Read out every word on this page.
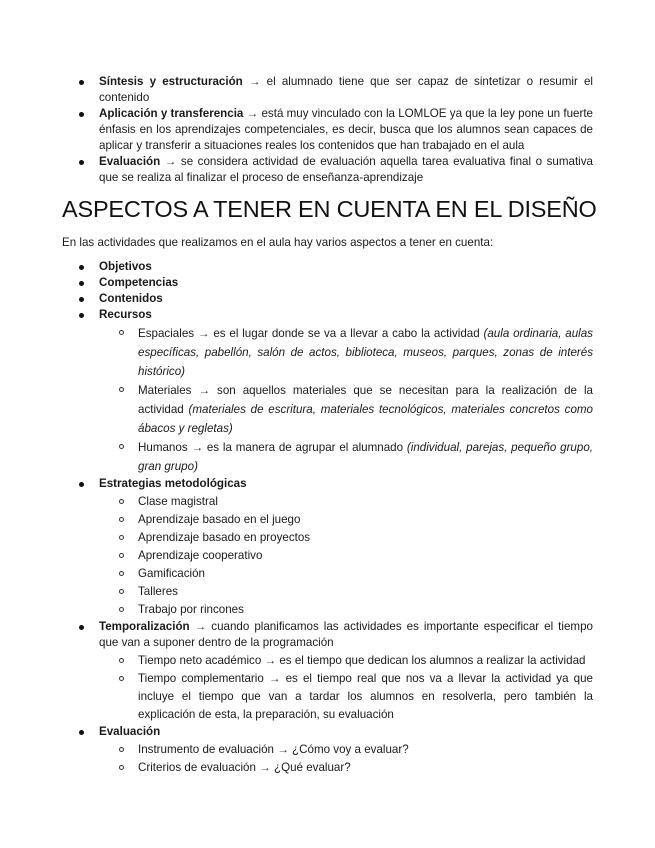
Síntesis y estructuración → el alumnado tiene que ser capaz de sintetizar o resumir el contenido
Aplicación y transferencia → está muy vinculado con la LOMLOE ya que la ley pone un fuerte énfasis en los aprendizajes competenciales, es decir, busca que los alumnos sean capaces de aplicar y transferir a situaciones reales los contenidos que han trabajado en el aula
Evaluación → se considera actividad de evaluación aquella tarea evaluativa final o sumativa que se realiza al finalizar el proceso de enseñanza-aprendizaje
ASPECTOS A TENER EN CUENTA EN EL DISEÑO

En las actividades que realizamos en el aula hay varios aspectos a tener en cuenta:

Objetivos
Competencias
Contenidos
Recursos
Espaciales → es el lugar donde se va a llevar a cabo la actividad (aula ordinaria, aulas específicas, pabellón, salón de actos, biblioteca, museos, parques, zonas de interés histórico)
Materiales → son aquellos materiales que se necesitan para la realización de la actividad (materiales de escritura, materiales tecnológicos, materiales concretos como ábacos y regletas)
Humanos → es la manera de agrupar el alumnado (individual, parejas, pequeño grupo, gran grupo)
Estrategias metodológicas
Clase magistral
Aprendizaje basado en el juego
Aprendizaje basado en proyectos
Aprendizaje cooperativo
Gamificación
Talleres
Trabajo por rincones
Temporalización → cuando planificamos las actividades es importante especificar el tiempo que van a suponer dentro de la programación
Tiempo neto académico → es el tiempo que dedican los alumnos a realizar la actividad
Tiempo complementario → es el tiempo real que nos va a llevar la actividad ya que incluye el tiempo que van a tardar los alumnos en resolverla, pero también la explicación de esta, la preparación, su evaluación
Evaluación
Instrumento de evaluación → ¿Cómo voy a evaluar?
Criterios de evaluación → ¿Qué evaluar?
